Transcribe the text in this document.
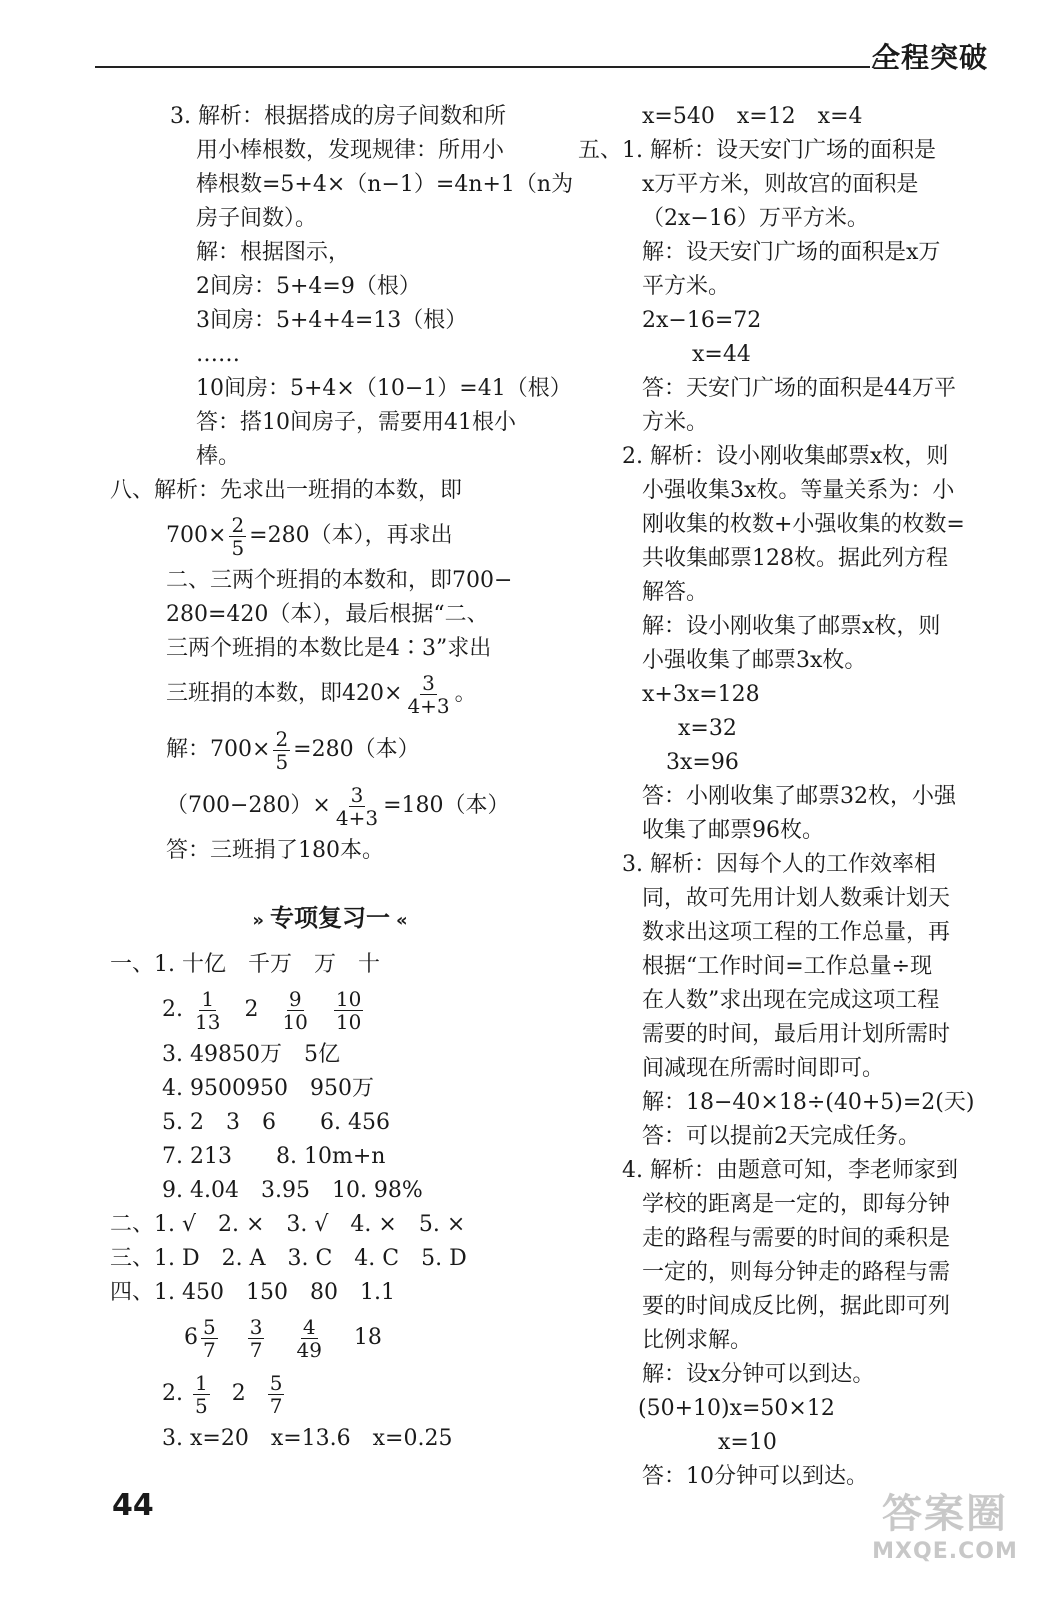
全程突破
3. 解析：根据搭成的房子间数和所
用小棒根数，发现规律：所用小
棒根数=5+4×（n−1）=4n+1（n为
房子间数）。
解：根据图示，
2间房：5+4=9（根）
3间房：5+4+4=13（根）
……
10间房：5+4×（10−1）=41（根）
答：搭10间房子，需要用41根小
棒。
八、解析：先求出一班捐的本数，即
$700\times \frac{2}{5} =280$（本），再求出
二、三两个班捐的本数和，即700−
280=420（本），最后根据“二、
三两个班捐的本数比是4∶3”求出
三班捐的本数，即$420\times \frac{3}{4+3}$ 。
解：$700\times \frac{2}{5} =280$（本）
$(700-280)\times \frac{3}{4+3} =180$（本）
答：三班捐了180本。
» 专项复习一 «
一、1. 十亿　千万　万　十
2. $\frac{1}{13} 2 \frac{9}{10}$
$\frac{10}{10}$
3. 49850万　5亿
4. 9500950　950万
5. 2　3　6　　6. 456
7. 213　　8. 10m+n
9. 4.04　3.95　10. 98%
二、1. √　2. ×　3. √　4. ×　5. ×
三、1. D　2. A　3. C　4. C　5. D
四、1. 450　150　80　1.1
$6 \frac{5}{7}$
$\frac{3}{7}$
$\frac{4}{49} 18$
2. $\frac{1}{5} 2 \frac{5}{7}$
3. x=20　x=13.6　x=0.25
x=540　x=12　x=4
五、1. 解析：设天安门广场的面积是
x万平方米，则故宫的面积是
（2x−16）万平方米。
解：设天安门广场的面积是x万
平方米。
2x−16=72
x=44
答：天安门广场的面积是44万平
方米。
2. 解析：设小刚收集邮票x枚，则
小强收集3x枚。等量关系为：小
刚收集的枚数+小强收集的枚数=
共收集邮票128枚。据此列方程
解答。
解：设小刚收集了邮票x枚，则
小强收集了邮票3x枚。
x+3x=128
x=32
3x=96
答：小刚收集了邮票32枚，小强
收集了邮票96枚。
3. 解析：因每个人的工作效率相
同，故可先用计划人数乘计划天
数求出这项工程的工作总量，再
根据“工作时间=工作总量÷现
在人数”求出现在完成这项工程
需要的时间，最后用计划所需时
间减现在所需时间即可。
解：18−40×18÷(40+5)=2(天)
答：可以提前2天完成任务。
4. 解析：由题意可知，李老师家到
学校的距离是一定的，即每分钟
走的路程与需要的时间的乘积是
一定的，则每分钟走的路程与需
要的时间成反比例，据此即可列
比例求解。
解：设x分钟可以到达。
(50+10)x=50×12
x=10
答：10分钟可以到达。
44	答案圈
MXQE.COM
